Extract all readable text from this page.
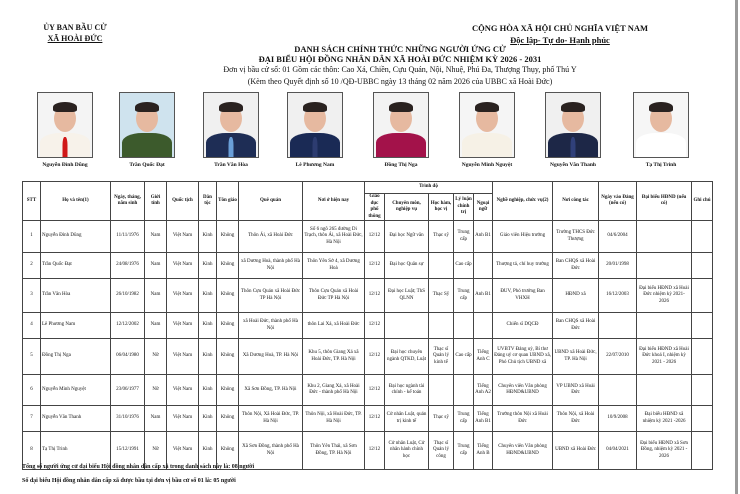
ỦY BAN BẦU CỬ
XÃ HOÀI ĐỨC
CỘNG HÒA XÃ HỘI CHỦ NGHĨA VIỆT NAM
Độc lập- Tự do- Hạnh phúc
DANH SÁCH CHÍNH THỨC NHỮNG NGƯỜI ỨNG CỬ
ĐẠI BIỂU HỘI ĐỒNG NHÂN DÂN XÃ HOÀI ĐỨC NHIỆM KỲ 2026 - 2031
Đơn vị bầu cử số: 01 Gồm các thôn: Cao Xá, Chiền, Cựu Quán, Nội, Nhuệ, Phú Đa, Thượng Thụy, phố Thú Y
(Kèm theo Quyết định số 10 /QĐ-UBBC ngày 13 tháng 02 năm 2026 của UBBC xã Hoài Đức)
Nguyễn Đình Dũng	Trần Quốc Đạt	Trần Văn Hòa	Lê Phương Nam	Đồng Thị Nga	Nguyễn Minh Nguyệt	Nguyễn Văn Thanh	Tạ Thị Trinh
STT	Họ và tên(1)	Ngày, tháng, năm sinh	Giới tính	Quốc tịch	Dân tộc	Tôn giáo	Quê quán	Nơi ở hiện nay	Trình độ					Nghề nghiệp, chức vụ(2)	Nơi công tác	Ngày vào Đảng (nếu có)	Đại biểu HĐND (nếu có)	Ghi chú
									Giáo dục phổ thông	Chuyên môn, nghiệp vụ	Học hàm, học vị	Lý luận chính trị	Ngoại ngữ					
1	Nguyễn Đình Dũng	11/11/1976	Nam	Việt Nam	Kinh	Không	Thôn Ái, xã Hoài Đức	Số 6 ngõ 265 đường Di Trạch, thôn Ái, xã Hoài Đức, Hà Nội	12/12	Đại học Ngữ văn	Thạc sỹ	Trung cấp	Anh B1	Giáo viên Hiệu trưởng	Trường THCS Đức Thượng	04/6/2004		
2	Trần Quốc Đạt	24/08/1976	Nam	Việt Nam	Kinh	Không	xã Dương Hoà, thành phố Hà Nội	Thôn Yên Sở 4, xã Dương Hoà	12/12	Đại học Quân sự		Cao cấp		Thượng tá, chỉ huy trưởng	Ban CHQS xã Hoài Đức	20/01/1998		
3	Trần Văn Hòa	26/10/1982	Nam	Việt Nam	Kinh	Không	Thôn Cựu Quán xã Hoài Đức TP Hà Nội	Thôn Cựu Quán xã Hoài Đức TP Hà Nội	12/12	Đại học Luật; ThS QLNN	Thạc Sỹ	Trung cấp	Anh B1	ĐUV, Phó trưởng Ban VHXH	HĐND xã	16/12/2003	Đại biểu HĐND xã Hoài Đức nhiệm kỳ 2021- 2026	
4	Lê Phương Nam	12/12/2002	Nam	Việt Nam	Kinh	Không	xã Hoài Đức, thành phố Hà Nội	thôn Lai Xá, xã Hoài Đức	12/12					Chiến sĩ DQCĐ	Ban CHQS xã Hoài Đức			
5	Đồng Thị Nga	06/04/1980	Nữ	Việt Nam	Kinh	Không	Xã Dương Hoà, TP. Hà Nội	Khu 5, thôn Giang Xá xã Hoài Đức, TP. Hà Nội	12/12	Đại học chuyên ngành QTKD, Luật	Thạc sĩ Quản lý kinh tế	Cao cấp	Tiếng Anh C	UVBTV Đảng uỷ, Bí thư Đảng uỷ cơ quan UBND xã, Phó Chủ tịch UBND xã	UBND xã Hoài Đức, TP. Hà Nội	22/07/2010	Đại biểu HĐND xã Hoài Đức khoá I, nhiệm kỳ 2021 - 2026	
6	Nguyễn Minh Nguyệt	23/06/1977	Nữ	Việt Nam	Kinh	Không	Xã Sơn Đồng, TP. Hà Nội	Khu 2, Giang Xá, xã Hoài Đức - thành phố Hà Nội	12/12	Đại học ngành tài chính - kế toán			Tiếng Anh A2	Chuyên viên Văn phòng HĐND&UBND	VP UBND xã Hoài Đức			
7	Nguyễn Văn Thanh	31/10/1976	Nam	Việt Nam	Kinh	Không	Thôn Nội, Xã Hoài Đức, TP. Hà Nội	Thôn Nội, xã Hoài Đức, TP. Hà Nội	12/12	Cử nhân Luật, quản trị kinh tế	Thạc sỹ	Trung cấp	Tiếng Anh B1	Trưởng thôn Nội xã Hoài Đức	Thôn Nội, xã Hoài Đức	10/9/2008	Đại biểu HĐND xã nhiệm kỳ 2021 -2026	
8	Tạ Thị Trinh	15/12/1991	Nữ	Việt Nam	Kinh	Không	Xã Sơn Đồng, thành phố Hà Nội	Thôn Yên Thái, xã Sơn Đồng, TP. Hà Nội	12/12	Cử nhân Luật, Cử nhân hành chính học	Thạc sĩ Quản lý công	Trung cấp	Tiếng Anh B	Chuyên viên Văn phòng HĐND&UBND	UBND xã Hoài Đức	04/04/2021	Đại biểu HĐND xã Sơn Đồng, nhiệm kỳ 2021 - 2026	
Tổng số người ứng cử đại biểu Hội đồng nhân dân cấp xã trong danh sách này là: 08 người
Số đại biểu Hội đồng nhân dân cấp xã được bầu tại đơn vị bầu cử số 01 là: 05 người
